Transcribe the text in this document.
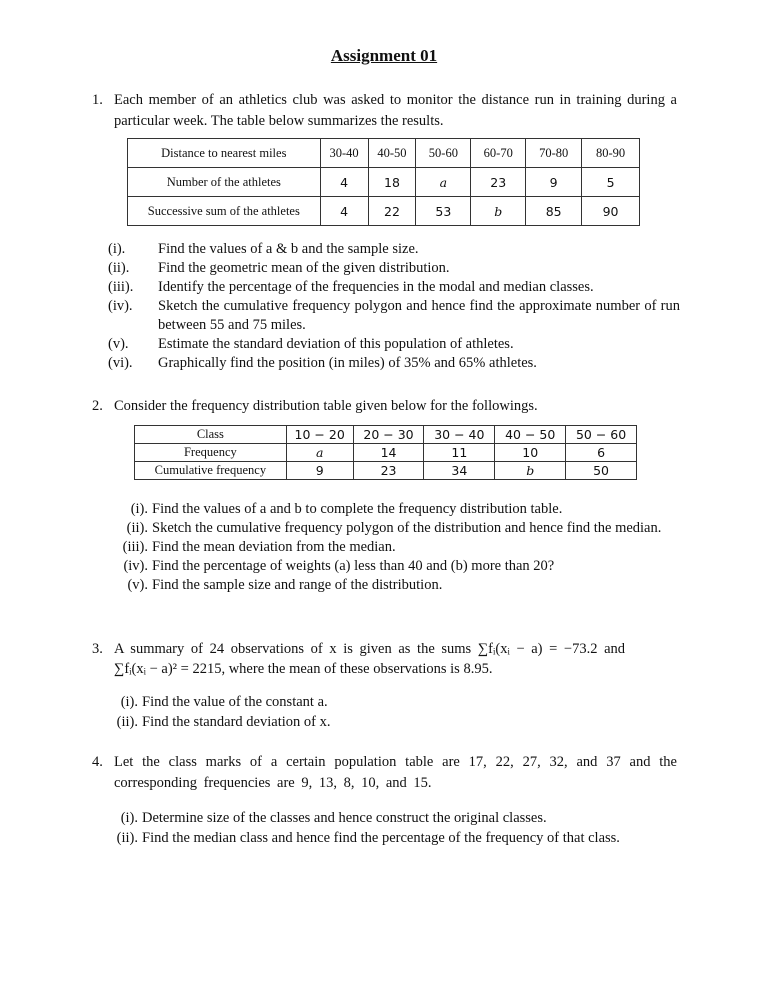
Assignment 01
1. Each member of an athletics club was asked to monitor the distance run in training during a particular week. The table below summarizes the results.
Distance to nearest miles	30-40	40-50	50-60	60-70	70-80	80-90
Number of the athletes	4	18	a	23	9	5
Successive sum of the athletes	4	22	53	b	85	90
(i).	Find the values of a & b and the sample size.
(ii).	Find the geometric mean of the given distribution.
(iii).	Identify the percentage of the frequencies in the modal and median classes.
(iv).	Sketch the cumulative frequency polygon and hence find the approximate number of run between 55 and 75 miles.
(v).	Estimate the standard deviation of this population of athletes.
(vi).	Graphically find the position (in miles) of 35% and 65% athletes.
2. Consider the frequency distribution table given below for the followings.
Class	10 − 20	20 − 30	30 − 40	40 − 50	50 − 60
Frequency	a	14	11	10	6
Cumulative frequency	9	23	34	b	50
(i). Find the values of a and b to complete the frequency distribution table.
(ii). Sketch the cumulative frequency polygon of the distribution and hence find the median.
(iii). Find the mean deviation from the median.
(iv). Find the percentage of weights (a) less than 40 and (b) more than 20?
(v). Find the sample size and range of the distribution.
3. A summary of 24 observations of x is given as the sums ∑fᵢ(xᵢ − a) = −73.2 and
∑fᵢ(xᵢ − a)² = 2215, where the mean of these observations is 8.95.
(i). Find the value of the constant a.
(ii). Find the standard deviation of x.
4. Let the class marks of a certain population table are 17, 22, 27, 32, and 37 and the corresponding frequencies are 9, 13, 8, 10, and 15.
(i). Determine size of the classes and hence construct the original classes.
(ii). Find the median class and hence find the percentage of the frequency of that class.
